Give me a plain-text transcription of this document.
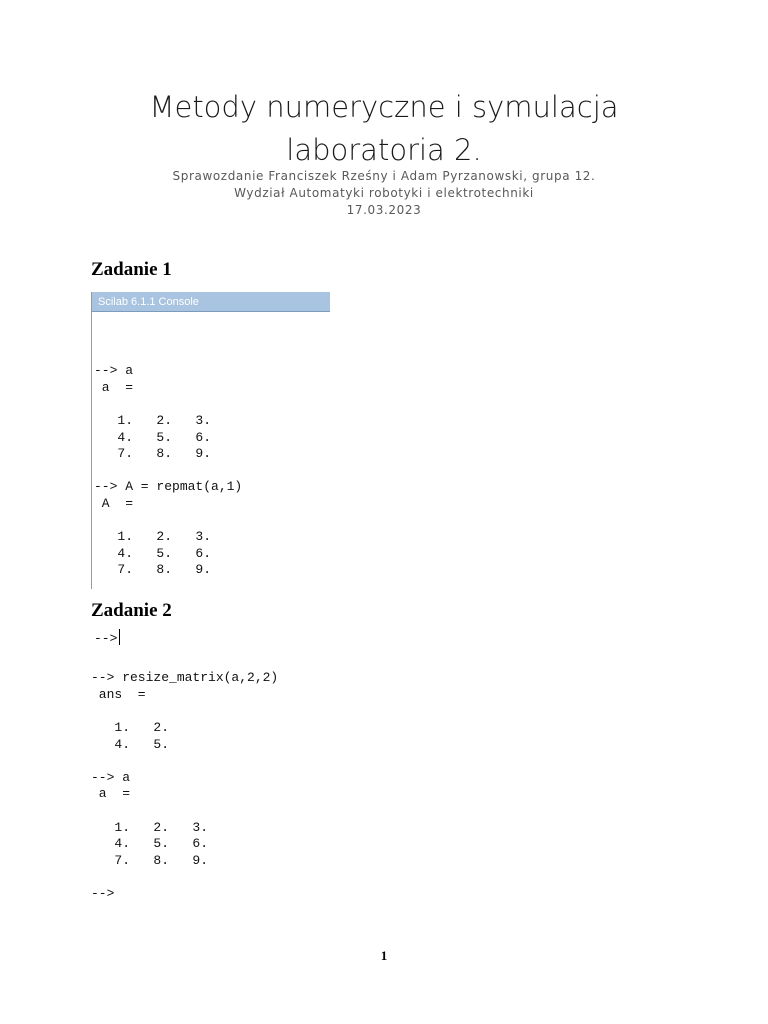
Metody numeryczne i symulacja
laboratoria 2.
Sprawozdanie Franciszek Rześny i Adam Pyrzanowski, grupa 12.
Wydział Automatyki robotyki i elektrotechniki
17.03.2023
Zadanie 1
Scilab 6.1.1 Console

--> a
a  =
1.   2.   3.
4.   5.   6.
7.   8.   9.
--> A = repmat(a,1)
A  =
1.   2.   3.
4.   5.   6.
7.   8.   9.

-->

Zadanie 2

--> resize_matrix(a,2,2)
ans  =
1.   2.
4.   5.
--> a
a  =
1.   2.   3.
4.   5.   6.
7.   8.   9.
-->

1
